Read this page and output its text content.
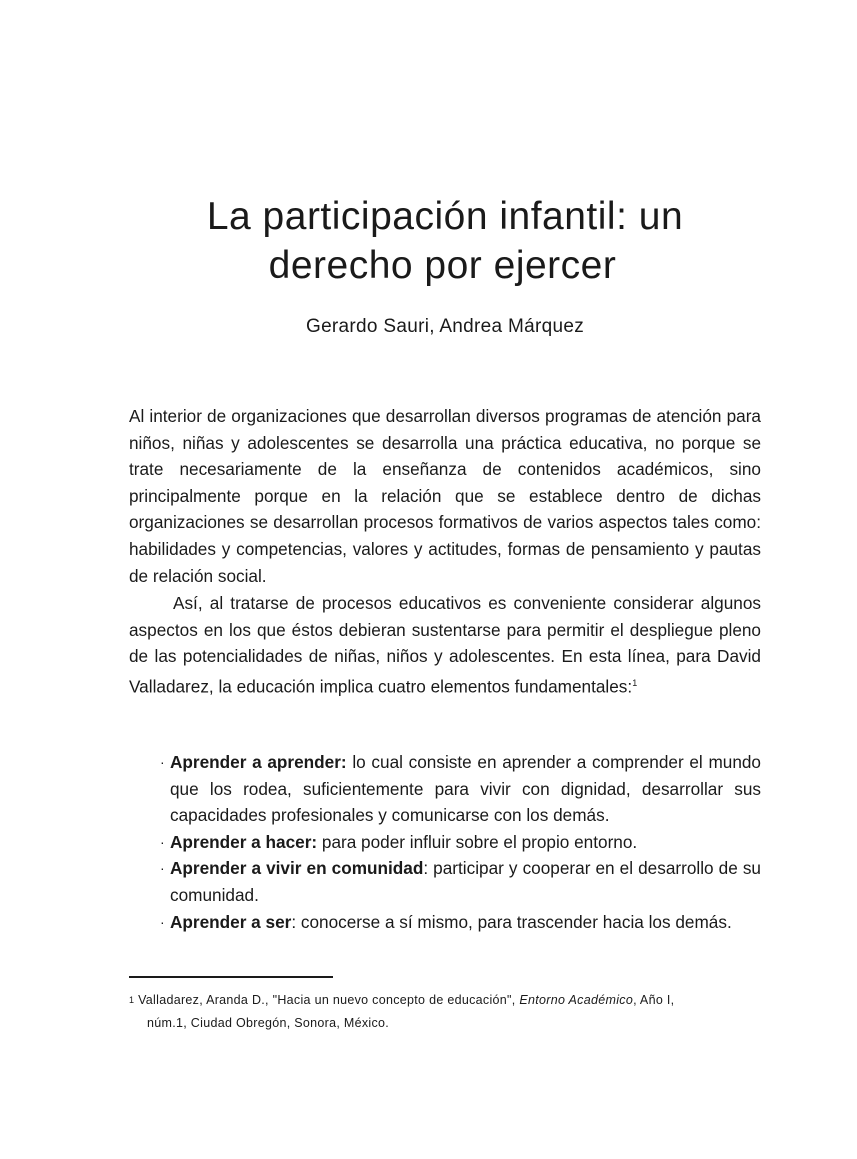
La participación infantil: un
derecho por ejercer
Gerardo Sauri, Andrea Márquez

Al interior de organizaciones que desarrollan diversos programas de atención para niños, niñas y adolescentes se desarrolla una práctica educativa, no porque se trate necesariamente de la enseñanza de contenidos académicos, sino principalmente porque en la relación que se establece dentro de dichas organizaciones se desarrollan procesos formativos de varios aspectos tales como: habilidades y competencias, valores y actitudes, formas de pensamiento y pautas de relación social.

Así, al tratarse de procesos educativos es conveniente considerar algunos aspectos en los que éstos debieran sustentarse para permitir el despliegue pleno de las potencialidades de niñas, niños y adolescentes. En esta línea, para David Valladarez, la educación implica cuatro elementos fundamentales:$^1$

· Aprender a aprender: lo cual consiste en aprender a comprender el mundo que los rodea, suficientemente para vivir con dignidad, desarrollar sus capacidades profesionales y comunicarse con los demás.
· Aprender a hacer: para poder influir sobre el propio entorno.
· Aprender a vivir en comunidad: participar y cooperar en el desarrollo de su comunidad.
· Aprender a ser: conocerse a sí mismo, para trascender hacia los demás.
$^1$ Valladarez, Aranda D., "Hacia un nuevo concepto de educación", Entorno Académico, Año I,
núm.1, Ciudad Obregón, Sonora, México.
